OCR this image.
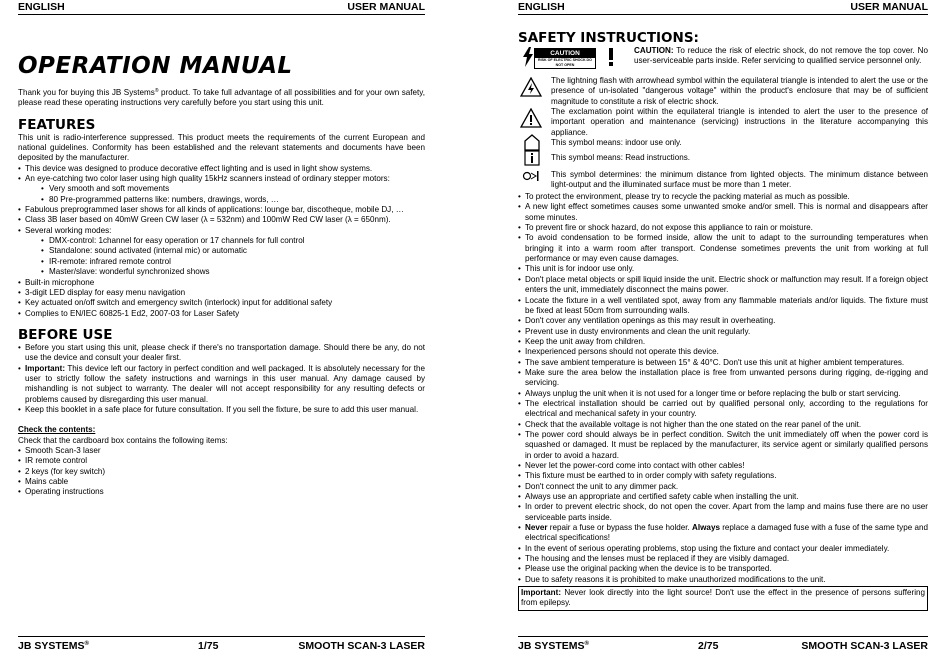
ENGLISH	USER MANUAL
OPERATION MANUAL

Thank you for buying this JB Systems® product. To take full advantage of all possibilities and for your own safety, please read these operating instructions very carefully before you start using this unit.

FEATURES

This unit is radio-interference suppressed. This product meets the requirements of the current European and national guidelines. Conformity has been established and the relevant statements and documents have been deposited by the manufacturer.

• This device was designed to produce decorative effect lighting and is used in light show systems.
• An eye-catching two color laser using high quality 15kHz scanners instead of ordinary stepper motors:
• Very smooth and soft movements
• 80 Pre-programmed patterns like: numbers, drawings, words, …
• Fabulous preprogrammed laser shows for all kinds of applications: lounge bar, discotheque, mobile DJ, …
• Class 3B laser based on 40mW Green CW laser (λ = 532nm) and 100mW Red CW laser (λ = 650nm).
• Several working modes:
• DMX-control: 1channel for easy operation or 17 channels for full control
• Standalone: sound activated (internal mic) or automatic
• IR-remote: infrared remote control
• Master/slave: wonderful synchronized shows
• Built-in microphone
• 3-digit LED display for easy menu navigation
• Key actuated on/off switch and emergency switch (interlock) input for additional safety
• Complies to EN/IEC 60825-1 Ed2, 2007-03 for Laser Safety
BEFORE USE
• Before you start using this unit, please check if there's no transportation damage. Should there be any, do not use the device and consult your dealer first.
• Important: This device left our factory in perfect condition and well packaged. It is absolutely necessary for the user to strictly follow the safety instructions and warnings in this user manual. Any damage caused by mishandling is not subject to warranty. The dealer will not accept responsibility for any resulting defects or problems caused by disregarding this user manual.
• Keep this booklet in a safe place for future consultation. If you sell the fixture, be sure to add this user manual.
Check the contents:

Check that the cardboard box contains the following items:

• Smooth Scan-3 laser
• IR remote control
• 2 keys (for key switch)
• Mains cable
• Operating instructions
JB SYSTEMS®	1/75	SMOOTH SCAN-3 LASER
ENGLISH	USER MANUAL
SAFETY INSTRUCTIONS:
CAUTION
RISK OF ELECTRIC SHOCK DO NOT OPEN

CAUTION: To reduce the risk of electric shock, do not remove the top cover. No user-serviceable parts inside. Refer servicing to qualified service personnel only.

The lightning flash with arrowhead symbol within the equilateral triangle is intended to alert the use or the presence of un-isolated "dangerous voltage" within the product's enclosure that may be of sufficient magnitude to constitute a risk of electric shock.

The exclamation point within the equilateral triangle is intended to alert the user to the presence of important operation and maintenance (servicing) instructions in the literature accompanying this appliance.

This symbol means: indoor use only.

This symbol means: Read instructions.

This symbol determines: the minimum distance from lighted objects. The minimum distance between light-output and the illuminated surface must be more than 1 meter.

• To protect the environment, please try to recycle the packing material as much as possible.
• A new light effect sometimes causes some unwanted smoke and/or smell. This is normal and disappears after some minutes.
• To prevent fire or shock hazard, do not expose this appliance to rain or moisture.
• To avoid condensation to be formed inside, allow the unit to adapt to the surrounding temperatures when bringing it into a warm room after transport. Condense sometimes prevents the unit from working at full performance or may even cause damages.
• This unit is for indoor use only.
• Don't place metal objects or spill liquid inside the unit. Electric shock or malfunction may result. If a foreign object enters the unit, immediately disconnect the mains power.
• Locate the fixture in a well ventilated spot, away from any flammable materials and/or liquids. The fixture must be fixed at least 50cm from surrounding walls.
• Don't cover any ventilation openings as this may result in overheating.
• Prevent use in dusty environments and clean the unit regularly.
• Keep the unit away from children.
• Inexperienced persons should not operate this device.
• The save ambient temperature is between 15° & 40°C. Don't use this unit at higher ambient temperatures.
• Make sure the area below the installation place is free from unwanted persons during rigging, de-rigging and servicing.
• Always unplug the unit when it is not used for a longer time or before replacing the bulb or start servicing.
• The electrical installation should be carried out by qualified personal only, according to the regulations for electrical and mechanical safety in your country.
• Check that the available voltage is not higher than the one stated on the rear panel of the unit.
• The power cord should always be in perfect condition. Switch the unit immediately off when the power cord is squashed or damaged. It must be replaced by the manufacturer, its service agent or similarly qualified persons in order to avoid a hazard.
• Never let the power-cord come into contact with other cables!
• This fixture must be earthed to in order comply with safety regulations.
• Don't connect the unit to any dimmer pack.
• Always use an appropriate and certified safety cable when installing the unit.
• In order to prevent electric shock, do not open the cover. Apart from the lamp and mains fuse there are no user serviceable parts inside.
• Never repair a fuse or bypass the fuse holder. Always replace a damaged fuse with a fuse of the same type and electrical specifications!
• In the event of serious operating problems, stop using the fixture and contact your dealer immediately.
• The housing and the lenses must be replaced if they are visibly damaged.
• Please use the original packing when the device is to be transported.
• Due to safety reasons it is prohibited to make unauthorized modifications to the unit.
Important: Never look directly into the light source! Don't use the effect in the presence of persons suffering from epilepsy.
JB SYSTEMS®	2/75	SMOOTH SCAN-3 LASER
